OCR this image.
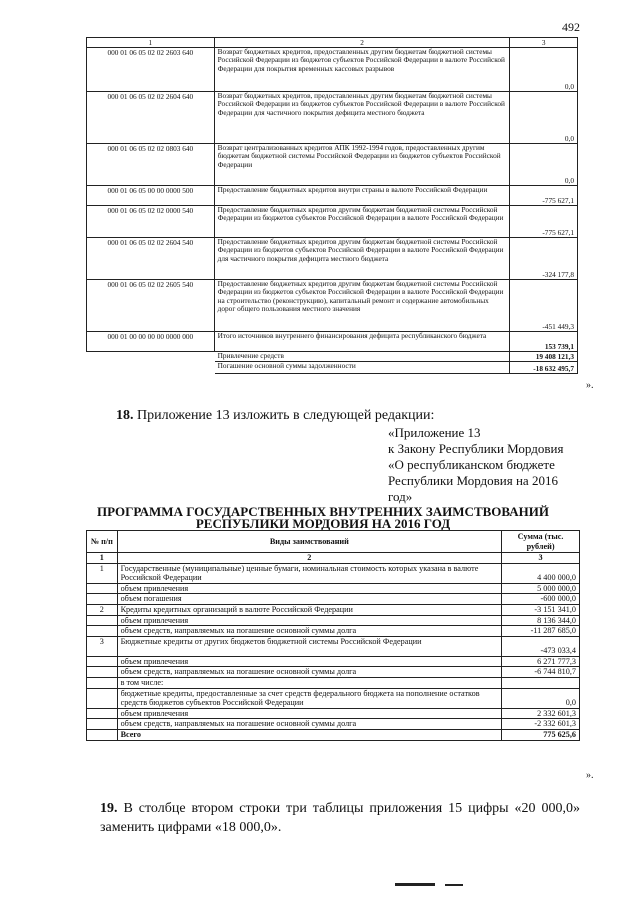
492
1	2	3
000 01 06 05 02 02 2603 640	Возврат бюджетных кредитов, предоставленных другим бюджетам бюджетной системы Российской Федерации из бюджетов субъектов Российской Федерации в валюте Российской Федерации для покрытия временных кассовых разрывов	0,0
000 01 06 05 02 02 2604 640	Возврат бюджетных кредитов, предоставленных другим бюджетам бюджетной системы Российской Федерации из бюджетов субъектов Российской Федерации в валюте Российской Федерации для частичного покрытия дефицита местного бюджета	0,0
000 01 06 05 02 02 0803 640	Возврат централизованных кредитов АПК 1992-1994 годов, предоставленных другим бюджетам бюджетной системы Российской Федерации из бюджетов субъектов Российской Федерации	0,0
000 01 06 05 00 00 0000 500	Предоставление бюджетных кредитов внутри страны в валюте Российской Федерации	-775 627,1
000 01 06 05 02 02 0000 540	Предоставление бюджетных кредитов другим бюджетам бюджетной системы Российской Федерации из бюджетов субъектов Российской Федерации в валюте Российской Федерации	-775 627,1
000 01 06 05 02 02 2604 540	Предоставление бюджетных кредитов другим бюджетам бюджетной системы Российской Федерации из бюджетов субъектов Российской Федерации в валюте Российской Федерации для частичного покрытия дефицита местного бюджета	-324 177,8
000 01 06 05 02 02 2605 540	Предоставление бюджетных кредитов другим бюджетам бюджетной системы Российской Федерации из бюджетов субъектов Российской Федерации в валюте Российской Федерации на строительство (реконструкцию), капитальный ремонт и содержание автомобильных дорог общего пользования местного значения	-451 449,3
000 01 00 00 00 00 0000 000	Итого источников внутреннего финансирования дефицита республиканского бюджета	153 739,1
	Привлечение средств	19 408 121,3
	Погашение основной суммы задолженности	-18 632 495,7
».
18. Приложение 13 изложить в следующей редакции:
«Приложение 13
к Закону Республики Мордовия
«О республиканском бюджете
Республики Мордовия на 2016
год»
ПРОГРАММА ГОСУДАРСТВЕННЫХ ВНУТРЕННИХ ЗАИМСТВОВАНИЙ
РЕСПУБЛИКИ МОРДОВИЯ НА 2016 ГОД
№ п/п	Виды заимствований	Сумма (тыс. рублей)
1	2	3
1	Государственные (муниципальные) ценные бумаги, номинальная стоимость которых указана в валюте Российской Федерации	4 400 000,0
	объем привлечения	5 000 000,0
	объем погашения	-600 000,0
2	Кредиты кредитных организаций в валюте Российской Федерации	-3 151 341,0
	объем привлечения	8 136 344,0
	объем средств, направляемых на погашение основной суммы долга	-11 287 685,0
3	Бюджетные кредиты от других бюджетов бюджетной системы Российской Федерации	-473 033,4
	объем привлечения	6 271 777,3
	объем средств, направляемых на погашение основной суммы долга	-6 744 810,7
	в том числе:	
	бюджетные кредиты, предоставленные за счет средств федерального бюджета на пополнение остатков средств бюджетов субъектов Российской Федерации	0,0
	объем привлечения	2 332 601,3
	объем средств, направляемых на погашение основной суммы долга	-2 332 601,3
	Всего	775 625,6
».
19. В столбце втором строки три таблицы приложения 15 цифры «20 000,0» заменить цифрами «18 000,0».
